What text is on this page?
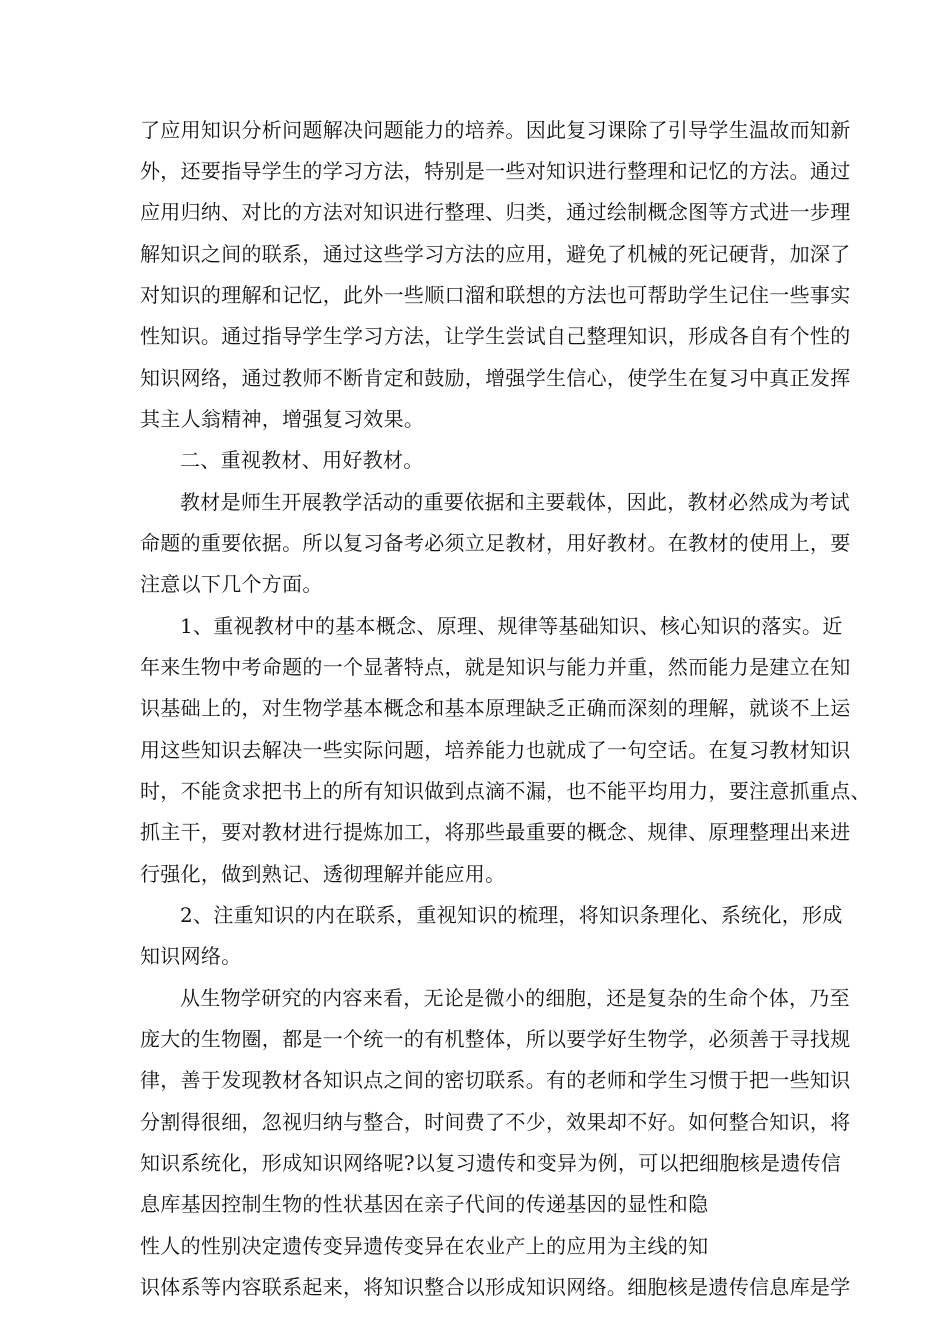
了应用知识分析问题解决问题能力的培养。因此复习课除了引导学生温故而知新
外，还要指导学生的学习方法，特别是一些对知识进行整理和记忆的方法。通过
应用归纳、对比的方法对知识进行整理、归类，通过绘制概念图等方式进一步理
解知识之间的联系，通过这些学习方法的应用，避免了机械的死记硬背，加深了
对知识的理解和记忆，此外一些顺口溜和联想的方法也可帮助学生记住一些事实
性知识。通过指导学生学习方法，让学生尝试自己整理知识，形成各自有个性的
知识网络，通过教师不断肯定和鼓励，增强学生信心，使学生在复习中真正发挥
其主人翁精神，增强复习效果。
二、重视教材、用好教材。
教材是师生开展教学活动的重要依据和主要载体，因此，教材必然成为考试
命题的重要依据。所以复习备考必须立足教材，用好教材。在教材的使用上，要
注意以下几个方面。
1、重视教材中的基本概念、原理、规律等基础知识、核心知识的落实。近
年来生物中考命题的一个显著特点，就是知识与能力并重，然而能力是建立在知
识基础上的，对生物学基本概念和基本原理缺乏正确而深刻的理解，就谈不上运
用这些知识去解决一些实际问题，培养能力也就成了一句空话。在复习教材知识
时，不能贪求把书上的所有知识做到点滴不漏，也不能平均用力，要注意抓重点、
抓主干，要对教材进行提炼加工，将那些最重要的概念、规律、原理整理出来进
行强化，做到熟记、透彻理解并能应用。
2、注重知识的内在联系，重视知识的梳理，将知识条理化、系统化，形成
知识网络。
从生物学研究的内容来看，无论是微小的细胞，还是复杂的生命个体，乃至
庞大的生物圈，都是一个统一的有机整体，所以要学好生物学，必须善于寻找规
律，善于发现教材各知识点之间的密切联系。有的老师和学生习惯于把一些知识
分割得很细，忽视归纳与整合，时间费了不少，效果却不好。如何整合知识，将
知识系统化，形成知识网络呢?以复习遗传和变异为例，可以把细胞核是遗传信
息库基因控制生物的性状基因在亲子代间的传递基因的显性和隐
性人的性别决定遗传变异遗传变异在农业产上的应用为主线的知
识体系等内容联系起来，将知识整合以形成知识网络。细胞核是遗传信息库是学
